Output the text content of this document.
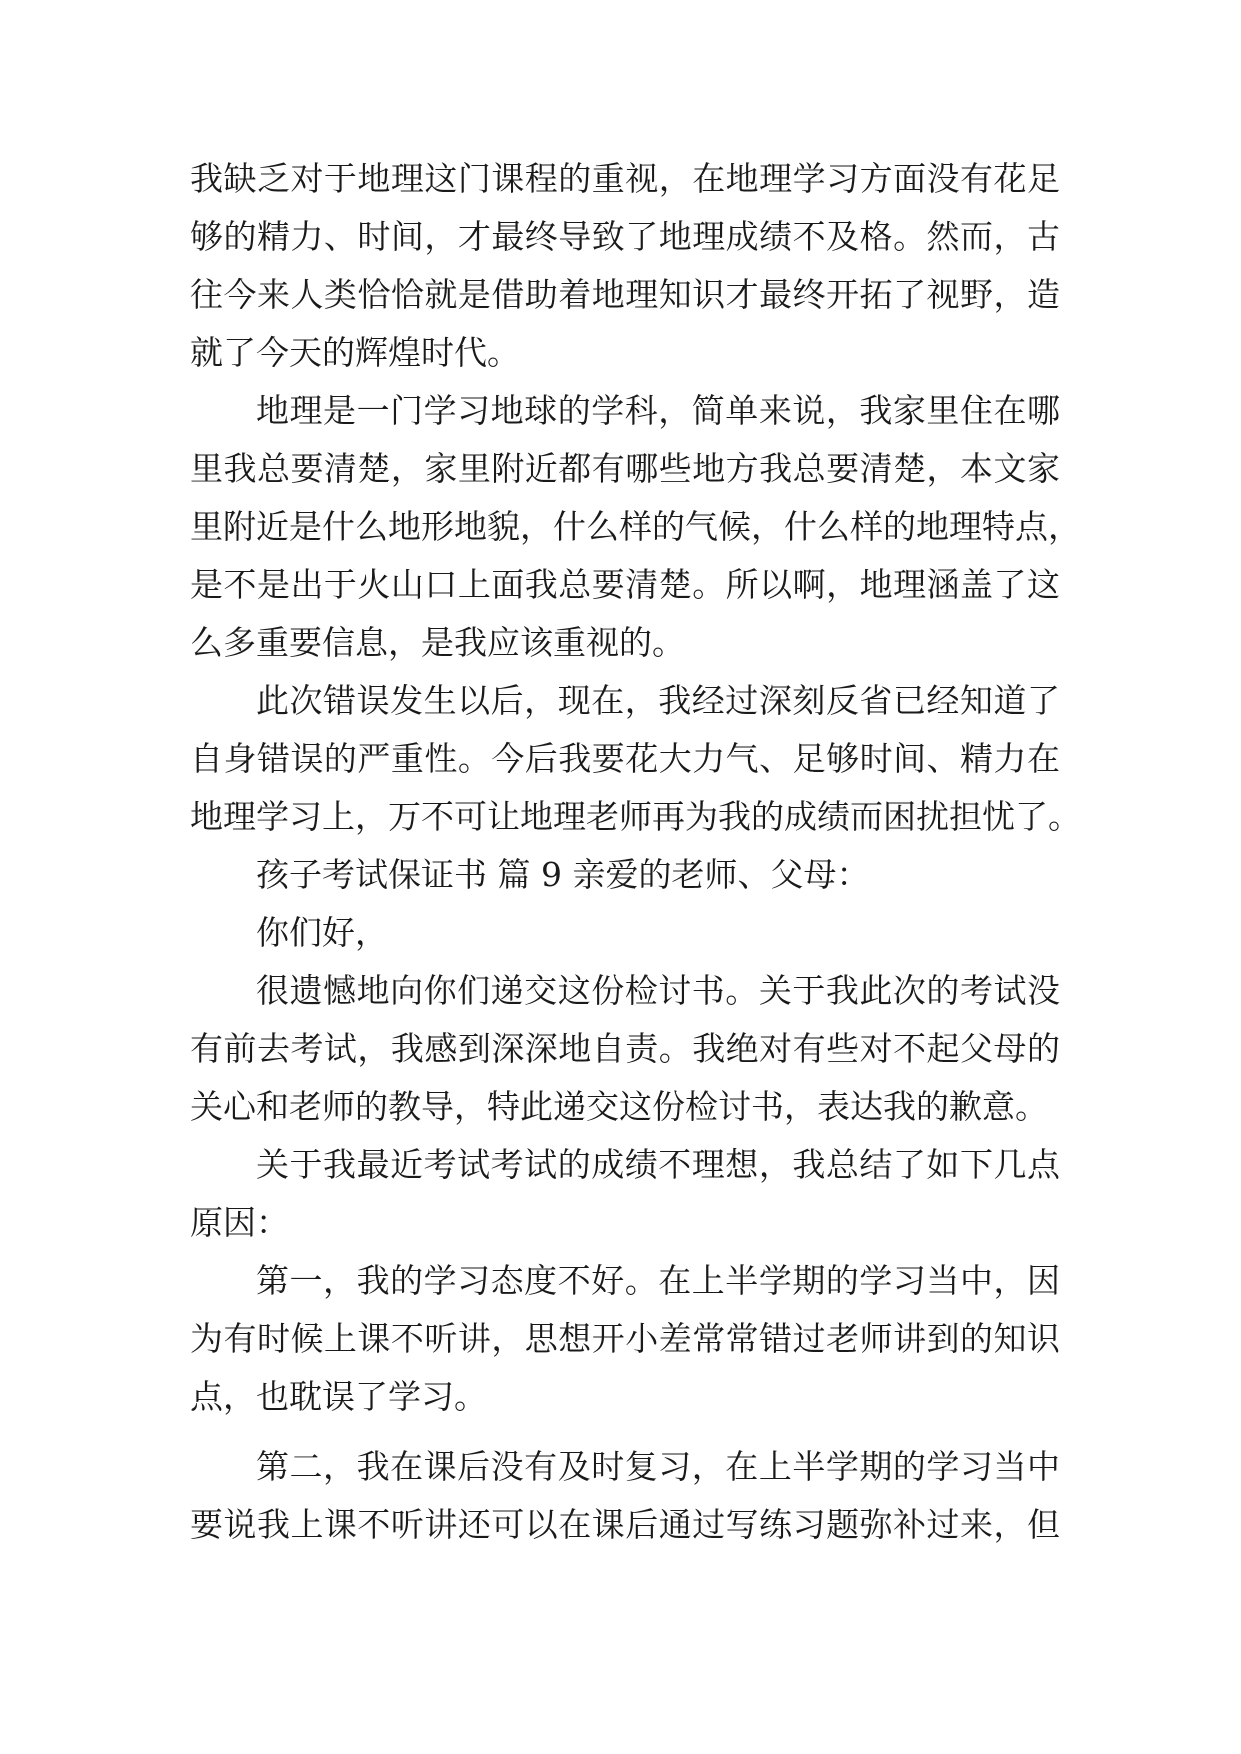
我缺乏对于地理这门课程的重视，在地理学习方面没有花足
够的精力、时间，才最终导致了地理成绩不及格。然而，古
往今来人类恰恰就是借助着地理知识才最终开拓了视野，造
就了今天的辉煌时代。
地理是一门学习地球的学科，简单来说，我家里住在哪
里我总要清楚，家里附近都有哪些地方我总要清楚，本文家
里附近是什么地形地貌，什么样的气候，什么样的地理特点，
是不是出于火山口上面我总要清楚。所以啊，地理涵盖了这
么多重要信息，是我应该重视的。
此次错误发生以后，现在，我经过深刻反省已经知道了
自身错误的严重性。今后我要花大力气、足够时间、精力在
地理学习上，万不可让地理老师再为我的成绩而困扰担忧了。
孩子考试保证书 篇 9 亲爱的老师、父母：
你们好，
很遗憾地向你们递交这份检讨书。关于我此次的考试没
有前去考试，我感到深深地自责。我绝对有些对不起父母的
关心和老师的教导，特此递交这份检讨书，表达我的歉意。
关于我最近考试考试的成绩不理想，我总结了如下几点
原因：
第一，我的学习态度不好。在上半学期的学习当中，因
为有时候上课不听讲，思想开小差常常错过老师讲到的知识
点，也耽误了学习。
第二，我在课后没有及时复习，在上半学期的学习当中
要说我上课不听讲还可以在课后通过写练习题弥补过来，但
